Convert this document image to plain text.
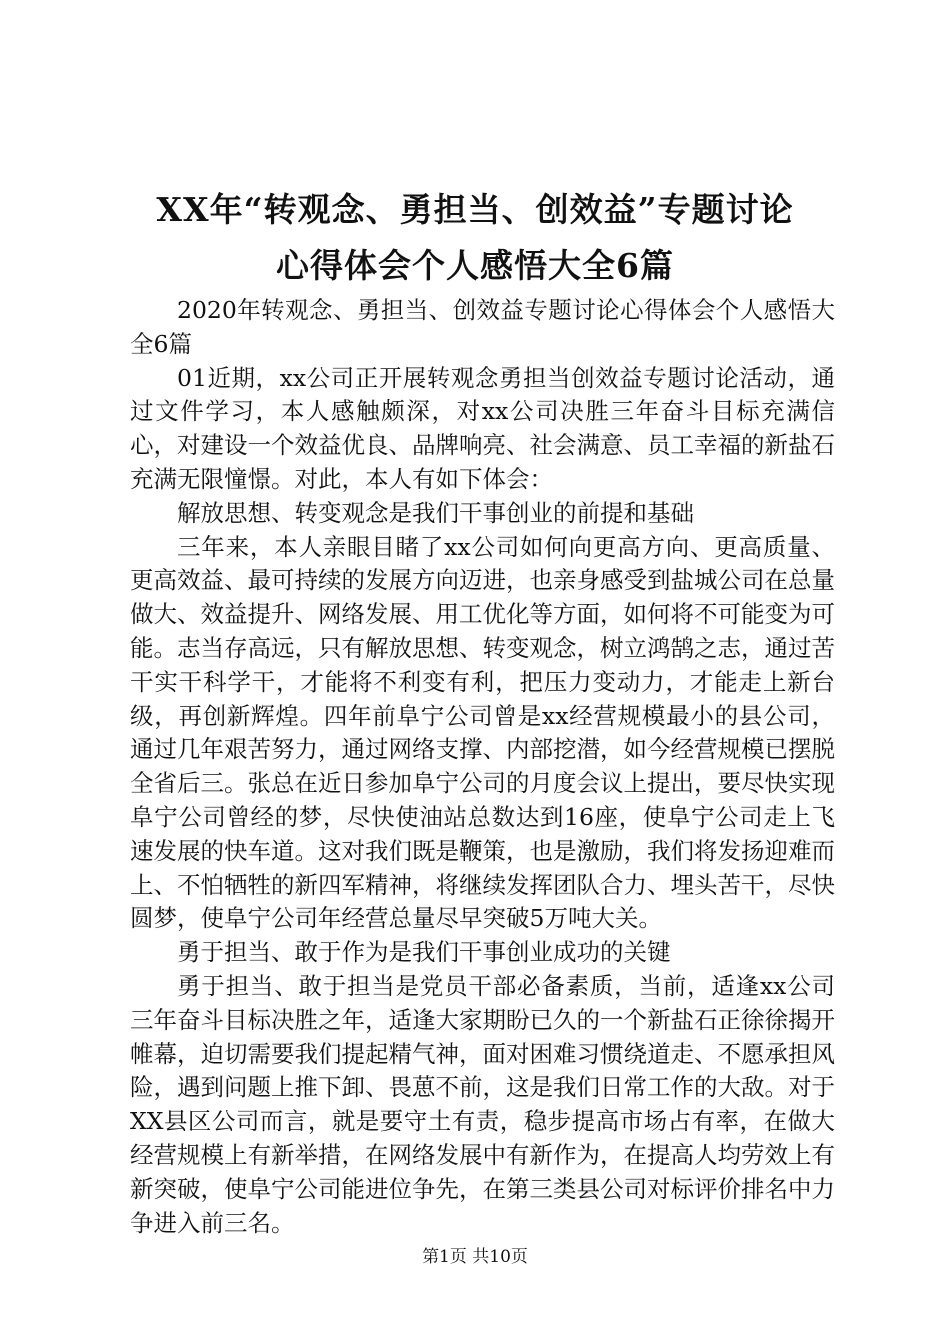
XX年“转观念、勇担当、创效益”专题讨论
心得体会个人感悟大全6篇

2020年转观念、勇担当、创效益专题讨论心得体会个人感悟大全6篇

01近期，xx公司正开展转观念勇担当创效益专题讨论活动，通过文件学习，本人感触颇深，对xx公司决胜三年奋斗目标充满信心，对建设一个效益优良、品牌响亮、社会满意、员工幸福的新盐石充满无限憧憬。对此，本人有如下体会：

解放思想、转变观念是我们干事创业的前提和基础

三年来，本人亲眼目睹了xx公司如何向更高方向、更高质量、更高效益、最可持续的发展方向迈进，也亲身感受到盐城公司在总量做大、效益提升、网络发展、用工优化等方面，如何将不可能变为可能。志当存高远，只有解放思想、转变观念，树立鸿鹄之志，通过苦干实干科学干，才能将不利变有利，把压力变动力，才能走上新台级，再创新辉煌。四年前阜宁公司曾是xx经营规模最小的县公司，通过几年艰苦努力，通过网络支撑、内部挖潜，如今经营规模已摆脱全省后三。张总在近日参加阜宁公司的月度会议上提出，要尽快实现阜宁公司曾经的梦，尽快使油站总数达到16座，使阜宁公司走上飞速发展的快车道。这对我们既是鞭策，也是激励，我们将发扬迎难而上、不怕牺牲的新四军精神，将继续发挥团队合力、埋头苦干，尽快圆梦，使阜宁公司年经营总量尽早突破5万吨大关。

勇于担当、敢于作为是我们干事创业成功的关键

勇于担当、敢于担当是党员干部必备素质，当前，适逢xx公司三年奋斗目标决胜之年，适逢大家期盼已久的一个新盐石正徐徐揭开帷幕，迫切需要我们提起精气神，面对困难习惯绕道走、不愿承担风险，遇到问题上推下卸、畏葸不前，这是我们日常工作的大敌。对于XX县区公司而言，就是要守土有责，稳步提高市场占有率，在做大经营规模上有新举措，在网络发展中有新作为，在提高人均劳效上有新突破，使阜宁公司能进位争先，在第三类县公司对标评价排名中力争进入前三名。

第1页 共10页
